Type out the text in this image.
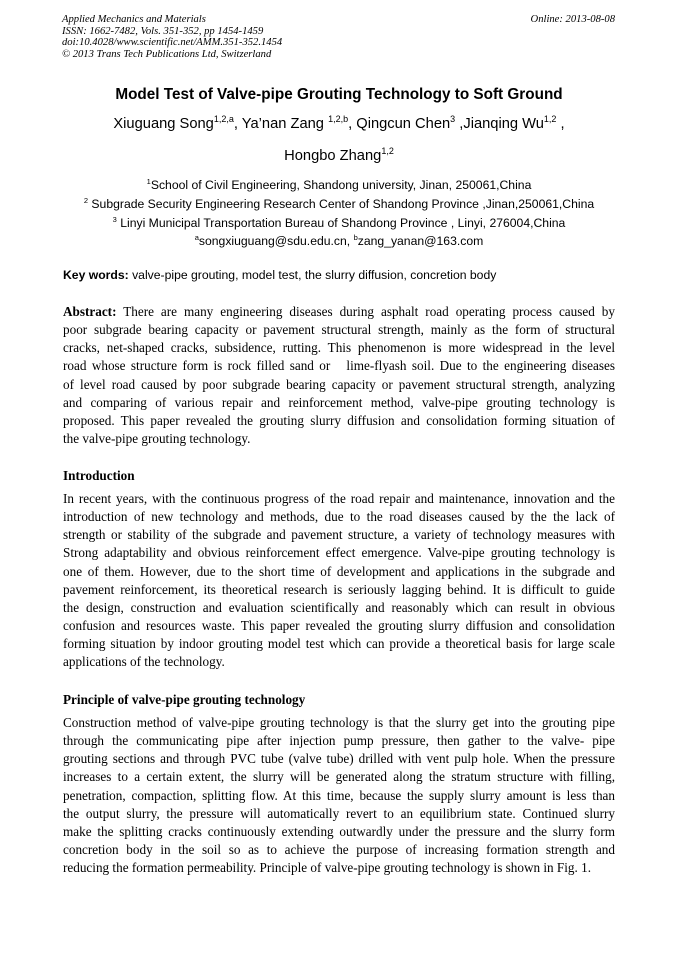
Applied Mechanics and Materials
ISSN: 1662-7482, Vols. 351-352, pp 1454-1459
doi:10.4028/www.scientific.net/AMM.351-352.1454
© 2013 Trans Tech Publications Ltd, Switzerland
Online: 2013-08-08
Model Test of Valve-pipe Grouting Technology to Soft Ground
Xiuguang Song$^{1,2,a}$, Ya’nan Zang $^{1,2,b}$, Qingcun Chen$^3$ ,Jianqing Wu$^{1,2}$ ,
Hongbo Zhang$^{1,2}$
$^1$School of Civil Engineering, Shandong university, Jinan, 250061,China
$^2$ Subgrade Security Engineering Research Center of Shandong Province ,Jinan,250061,China
$^3$ Linyi Municipal Transportation Bureau of Shandong Province , Linyi, 276004,China
$^a$songxiuguang@sdu.edu.cn, $^b$zang_yanan@163.com
Key words: valve-pipe grouting, model test, the slurry diffusion, concretion body
Abstract: There are many engineering diseases during asphalt road operating process caused by
poor subgrade bearing capacity or pavement structural strength, mainly as the form of structural
cracks, net-shaped cracks, subsidence, rutting. This phenomenon is more widespread in the level
road whose structure form is rock filled sand or   lime-flyash soil. Due to the engineering diseases
of level road caused by poor subgrade bearing capacity or pavement structural strength, analyzing
and comparing of various repair and reinforcement method, valve-pipe grouting technology is
proposed. This paper revealed the grouting slurry diffusion and consolidation forming situation of
the valve-pipe grouting technology.
Introduction
In recent years, with the continuous progress of the road repair and maintenance, innovation and the
introduction of new technology and methods, due to the road diseases caused by the the lack of
strength or stability of the subgrade and pavement structure, a variety of technology measures with
Strong adaptability and obvious reinforcement effect emergence. Valve-pipe grouting technology is
one of them. However, due to the short time of development and applications in the subgrade and
pavement reinforcement, its theoretical research is seriously lagging behind. It is difficult to guide
the design, construction and evaluation scientifically and reasonably which can result in obvious
confusion and resources waste. This paper revealed the grouting slurry diffusion and consolidation
forming situation by indoor grouting model test which can provide a theoretical basis for large scale
applications of the technology.
Principle of valve-pipe grouting technology
Construction method of valve-pipe grouting technology is that the slurry get into the grouting pipe
through the communicating pipe after injection pump pressure, then gather to the valve- pipe
grouting sections and through PVC tube (valve tube) drilled with vent pulp hole. When the pressure
increases to a certain extent, the slurry will be generated along the stratum structure with filling,
penetration, compaction, splitting flow. At this time, because the supply slurry amount is less than
the output slurry, the pressure will automatically revert to an equilibrium state. Continued slurry
make the splitting cracks continuously extending outwardly under the pressure and the slurry form
concretion body in the soil so as to achieve the purpose of increasing formation strength and
reducing the formation permeability. Principle of valve-pipe grouting technology is shown in Fig. 1.
